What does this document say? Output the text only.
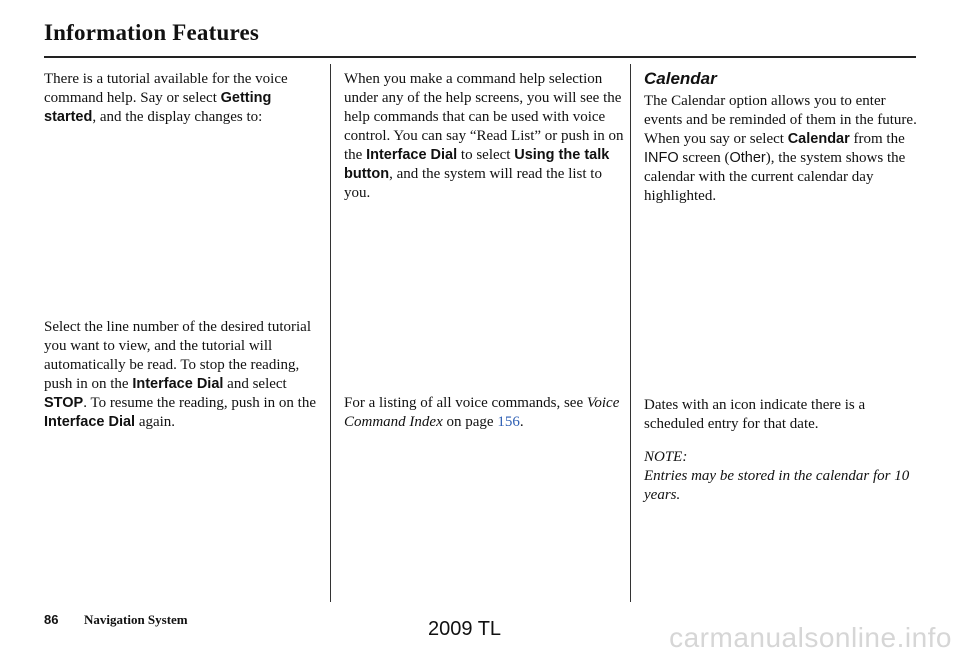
Information Features

There is a tutorial available for the voice command help. Say or select Getting started, and the display changes to:

Select the line number of the desired tutorial you want to view, and the tutorial will automatically be read. To stop the reading, push in on the Interface Dial and select STOP. To resume the reading, push in on the Interface Dial again.

When you make a command help selection under any of the help screens, you will see the help commands that can be used with voice control. You can say “Read List” or push in on the Interface Dial to select Using the talk button, and the system will read the list to you.

For a listing of all voice commands, see Voice Command Index on page 156.

Calendar

The Calendar option allows you to enter events and be reminded of them in the future. When you say or select Calendar from the INFO screen (Other), the system shows the calendar with the current calendar day highlighted.

Dates with an icon indicate there is a scheduled entry for that date.

NOTE:

Entries may be stored in the calendar for 10 years.

86 Navigation System	2009 TL	carmanualsonline.info
